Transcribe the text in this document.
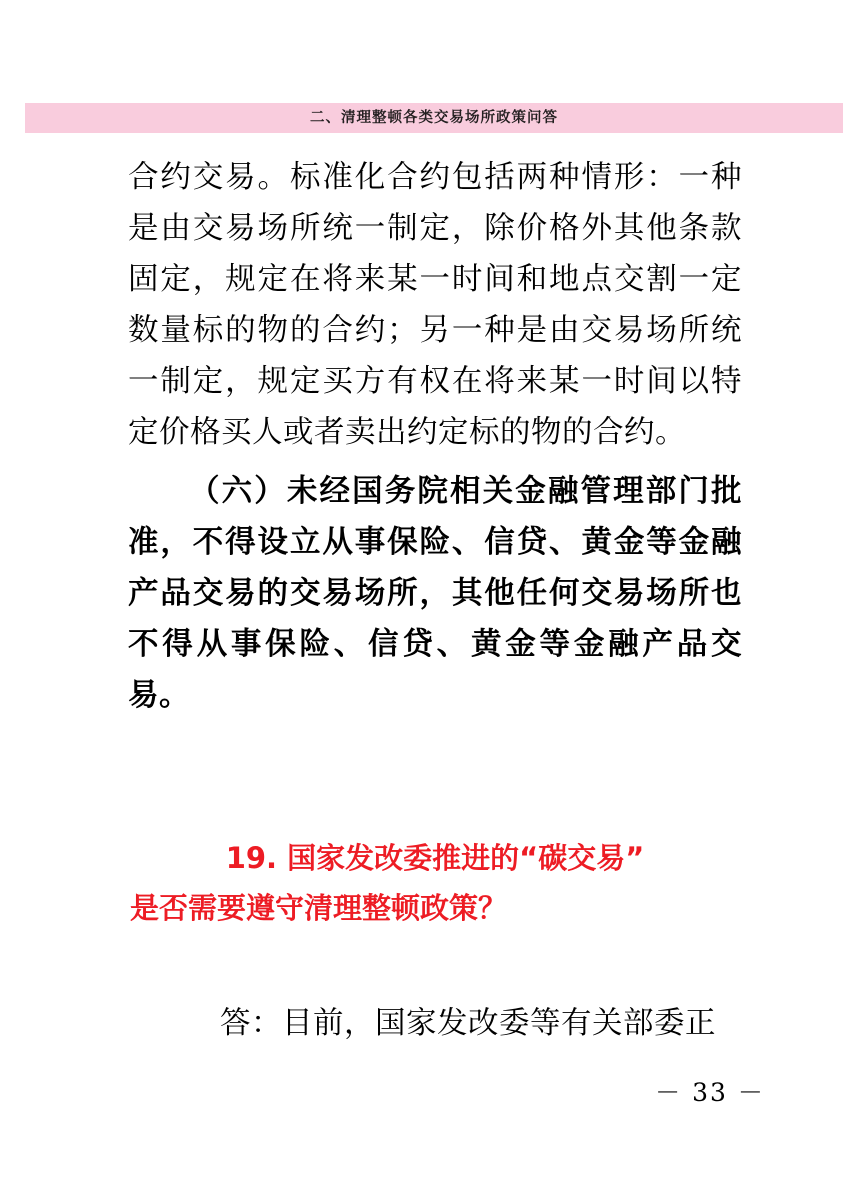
二、清理整顿各类交易场所政策问答

合约交易。标准化合约包括两种情形：一种是由交易场所统一制定，除价格外其他条款固定，规定在将来某一时间和地点交割一定数量标的物的合约；另一种是由交易场所统一制定，规定买方有权在将来某一时间以特定价格买人或者卖出约定标的物的合约。

（六）未经国务院相关金融管理部门批准，不得设立从事保险、信贷、黄金等金融产品交易的交易场所，其他任何交易场所也不得从事保险、信贷、黄金等金融产品交易。

19. 国家发改委推进的“碳交易”
是否需要遵守清理整顿政策？
答：目前，国家发改委等有关部委正
－ 33 －
